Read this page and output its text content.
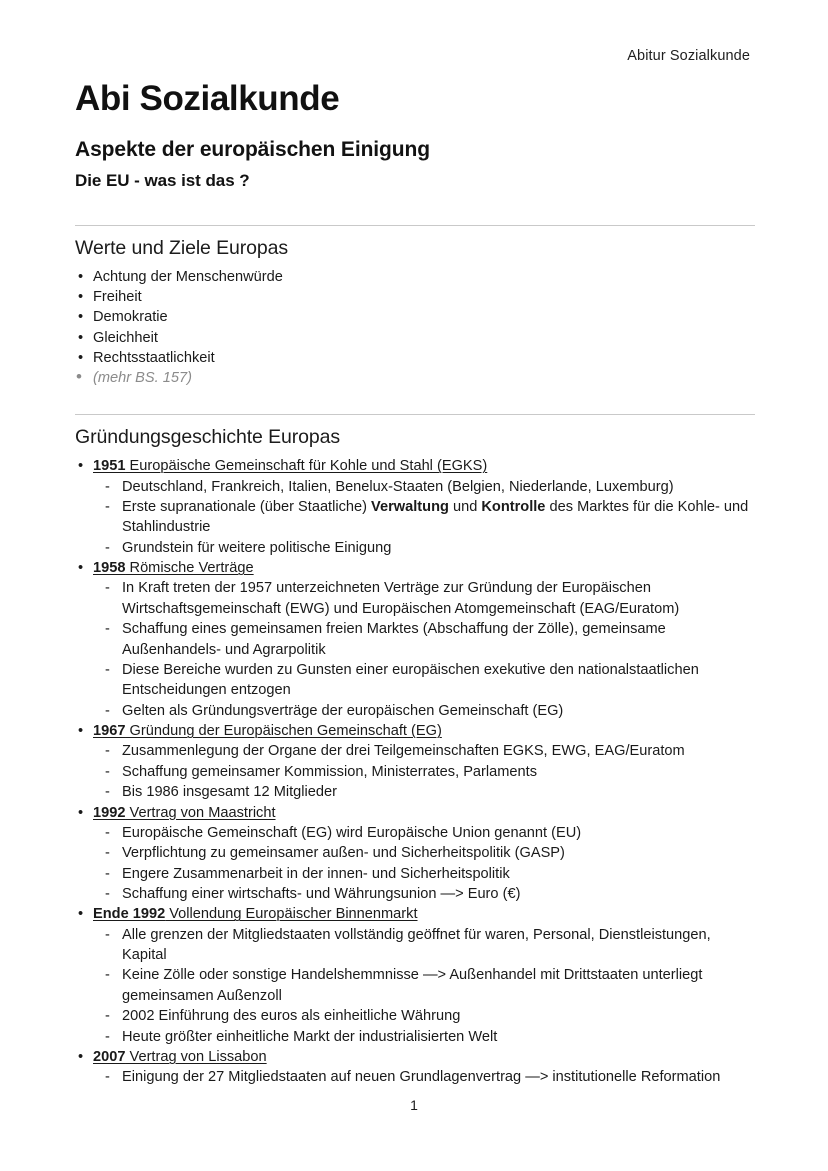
Abitur Sozialkunde
Abi Sozialkunde
Aspekte der europäischen Einigung
Die EU - was ist das ?
Werte und Ziele Europas
• Achtung der Menschenwürde
• Freiheit
• Demokratie
• Gleichheit
• Rechtsstaatlichkeit
• (mehr BS. 157)
Gründungsgeschichte Europas
• 1951 Europäische Gemeinschaft für Kohle und Stahl (EGKS)
- Deutschland, Frankreich, Italien, Benelux-Staaten (Belgien, Niederlande, Luxemburg)
- Erste supranationale (über Staatliche) Verwaltung und Kontrolle des Marktes für die Kohle- und Stahlindustrie
- Grundstein für weitere politische Einigung
• 1958 Römische Verträge
- In Kraft treten der 1957 unterzeichneten Verträge zur Gründung der Europäischen Wirtschaftsgemeinschaft (EWG) und Europäischen Atomgemeinschaft (EAG/Euratom)
- Schaffung eines gemeinsamen freien Marktes (Abschaffung der Zölle), gemeinsame Außenhandels- und Agrarpolitik
- Diese Bereiche wurden zu Gunsten einer europäischen exekutive den nationalstaatlichen Entscheidungen entzogen
- Gelten als Gründungsverträge der europäischen Gemeinschaft (EG)
• 1967 Gründung der Europäischen Gemeinschaft (EG)
- Zusammenlegung der Organe der drei Teilgemeinschaften EGKS, EWG, EAG/Euratom
- Schaffung gemeinsamer Kommission, Ministerrates, Parlaments
- Bis 1986 insgesamt 12 Mitglieder
• 1992 Vertrag von Maastricht
- Europäische Gemeinschaft (EG) wird Europäische Union genannt (EU)
- Verpflichtung zu gemeinsamer außen- und Sicherheitspolitik (GASP)
- Engere Zusammenarbeit in der innen- und Sicherheitspolitik
- Schaffung einer wirtschafts- und Währungsunion —> Euro (€)
• Ende 1992 Vollendung Europäischer Binnenmarkt
- Alle grenzen der Mitgliedstaaten vollständig geöffnet für waren, Personal, Dienstleistungen, Kapital
- Keine Zölle oder sonstige Handelshemmnisse —> Außenhandel mit Drittstaaten unterliegt gemeinsamen Außenzoll
- 2002 Einführung des euros als einheitliche Währung
- Heute größter einheitliche Markt der industrialisierten Welt
• 2007 Vertrag von Lissabon
- Einigung der 27 Mitgliedstaaten auf neuen Grundlagenvertrag —> institutionelle Reformation
1
